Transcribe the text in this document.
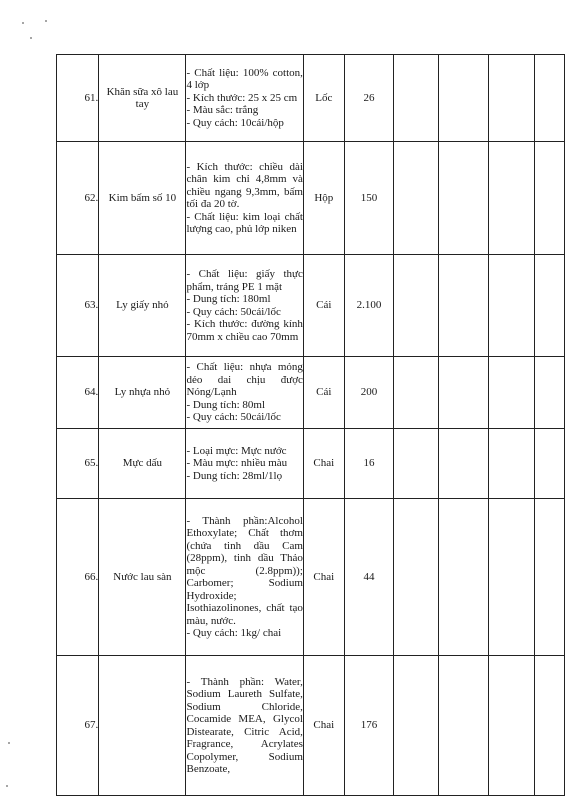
61.	Khăn sữa xô lau tay	- Chất liệu: 100% cotton, 4 lớp
- Kích thước: 25 x 25 cm
- Màu sắc: trắng
- Quy cách: 10cái/hộp	Lốc	26				
62.	Kim bấm số 10	- Kích thước: chiều dài chân kim chỉ 4,8mm và chiều ngang 9,3mm, bấm tối đa 20 tờ.
- Chất liệu: kim loại chất lượng cao, phủ lớp niken	Hộp	150				
63.	Ly giấy nhỏ	- Chất liệu: giấy thực phẩm, tráng PE 1 mặt
- Dung tích: 180ml
- Quy cách: 50cái/lốc
- Kích thước: đường kính 70mm x chiều cao 70mm	Cái	2.100				
64.	Ly nhựa nhỏ	- Chất liệu: nhựa mỏng dẻo dai chịu được Nóng/Lạnh
- Dung tích: 80ml
- Quy cách: 50cái/lốc	Cái	200				
65.	Mực dấu	- Loại mực: Mực nước
- Màu mực: nhiều màu
- Dung tích: 28ml/1lọ	Chai	16				
66.	Nước lau sàn	- Thành phần:Alcohol Ethoxylate; Chất thơm (chứa tinh dầu Cam (28ppm), tinh dầu Thảo mộc (2.8ppm)); Carbomer; Sodium Hydroxide; Isothiazolinones, chất tạo màu, nước.
- Quy cách: 1kg/ chai	Chai	44				
67.		- Thành phần: Water, Sodium Laureth Sulfate, Sodium Chloride, Cocamide MEA, Glycol Distearate, Citric Acid, Fragrance, Acrylates Copolymer, Sodium Benzoate,	Chai	176				
